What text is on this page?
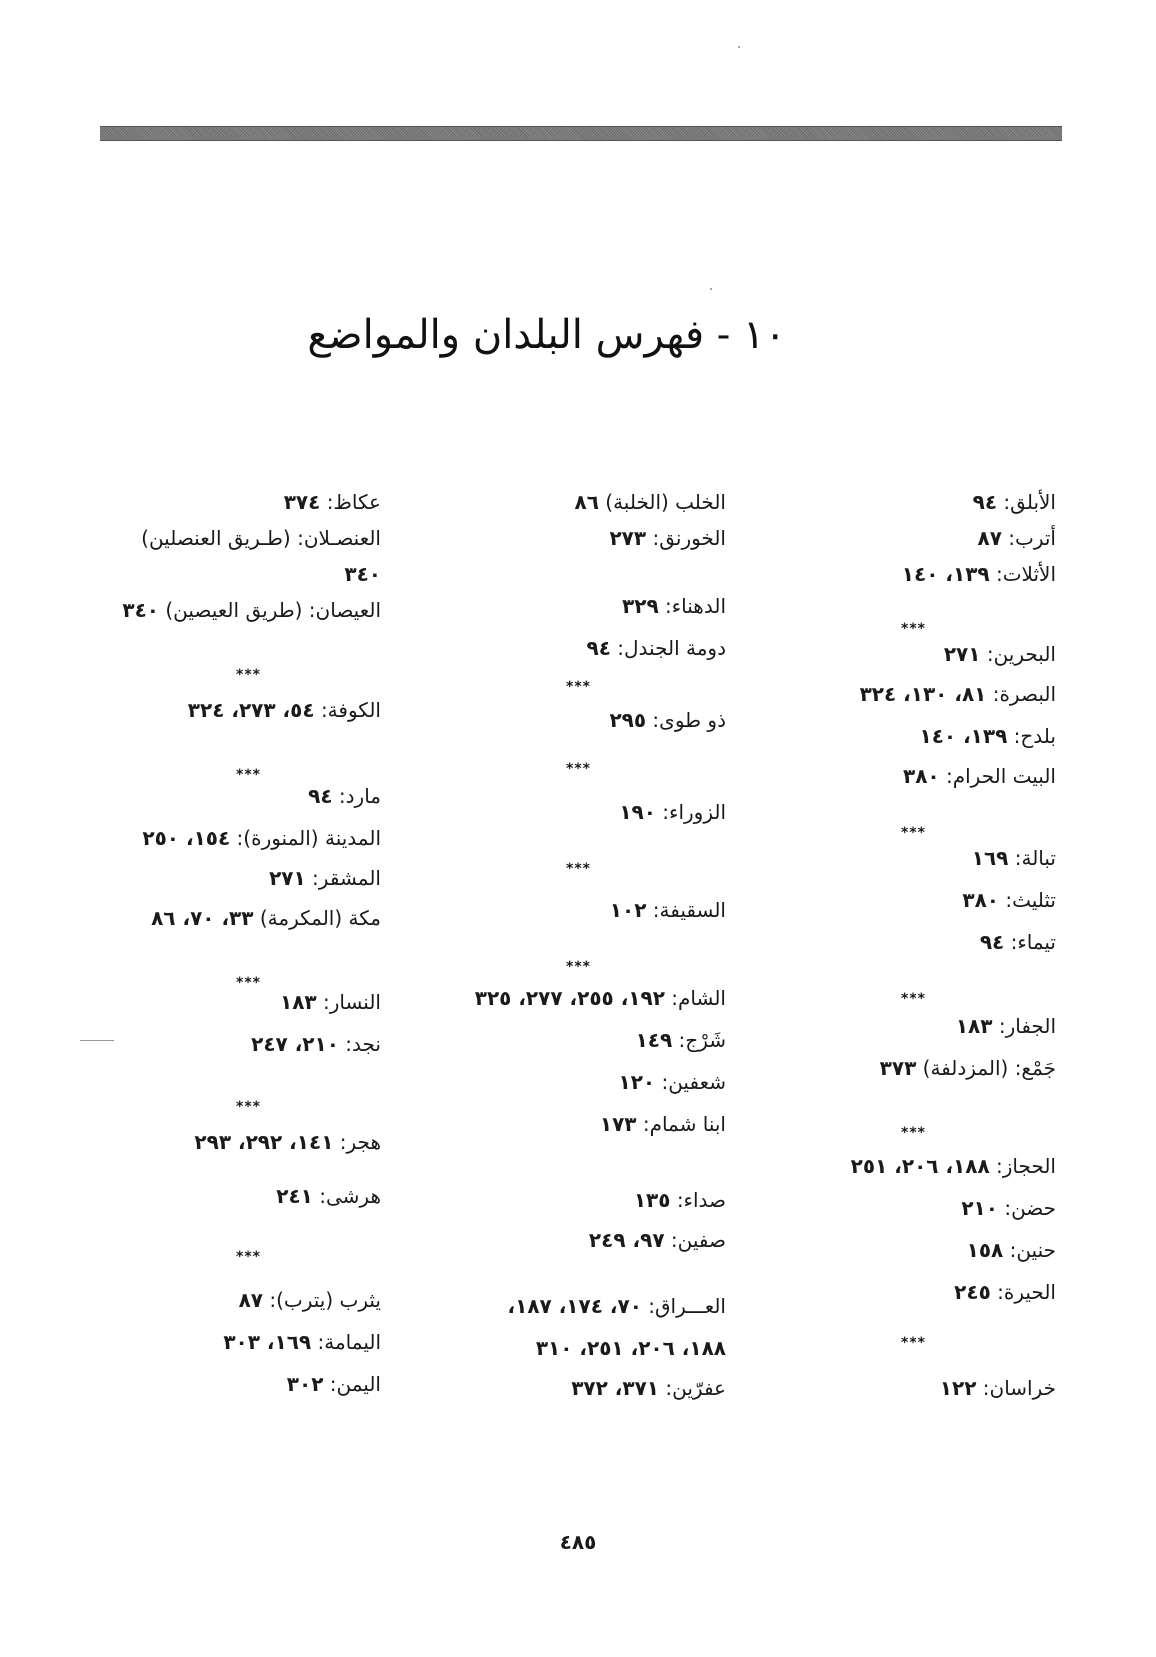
١٠ - فهرس البلدان والمواضع
الأبلق: ٩٤
أترب: ٨٧
الأثلات: ١٣٩، ١٤٠
***
البحرين: ٢٧١
البصرة: ٨١، ١٣٠، ٣٢٤
بلدح: ١٣٩، ١٤٠
البيت الحرام: ٣٨٠
***
تبالة: ١٦٩
تثليث: ٣٨٠
تيماء: ٩٤
***
الجفار: ١٨٣
جَمْع: (المزدلفة) ٣٧٣
***
الحجاز: ١٨٨، ٢٠٦، ٢٥١
حضن: ٢١٠
حنين: ١٥٨
الحيرة: ٢٤٥
***
خراسان: ١٢٢
الخلب (الخلبة) ٨٦
الخورنق: ٢٧٣
الدهناء: ٣٢٩
دومة الجندل: ٩٤
***
ذو طوى: ٢٩٥
***
الزوراء: ١٩٠
***
السقيفة: ١٠٢
***
الشام: ١٩٢، ٢٥٥، ٢٧٧، ٣٢٥
شَرْج: ١٤٩
شعفين: ١٢٠
ابنا شمام: ١٧٣
صداء: ١٣٥
صفين: ٩٧، ٢٤٩
العـــراق: ٧٠، ١٧٤، ١٨٧،
١٨٨، ٢٠٦، ٢٥١، ٣١٠
عفرّين: ٣٧١، ٣٧٢
عكاظ: ٣٧٤
العنصـلان: (طـريق العنصلين)
٣٤٠
العيصان: (طريق العيصين) ٣٤٠
***
الكوفة: ٥٤، ٢٧٣، ٣٢٤
***
مارد: ٩٤
المدينة (المنورة): ١٥٤، ٢٥٠
المشقر: ٢٧١
مكة (المكرمة) ٣٣، ٧٠، ٨٦
***
النسار: ١٨٣
نجد: ٢١٠، ٢٤٧
***
هجر: ١٤١، ٢٩٢، ٢٩٣
هرشى: ٢٤١
***
يثرب (يترب): ٨٧
اليمامة: ١٦٩، ٣٠٣
اليمن: ٣٠٢
٤٨٥
